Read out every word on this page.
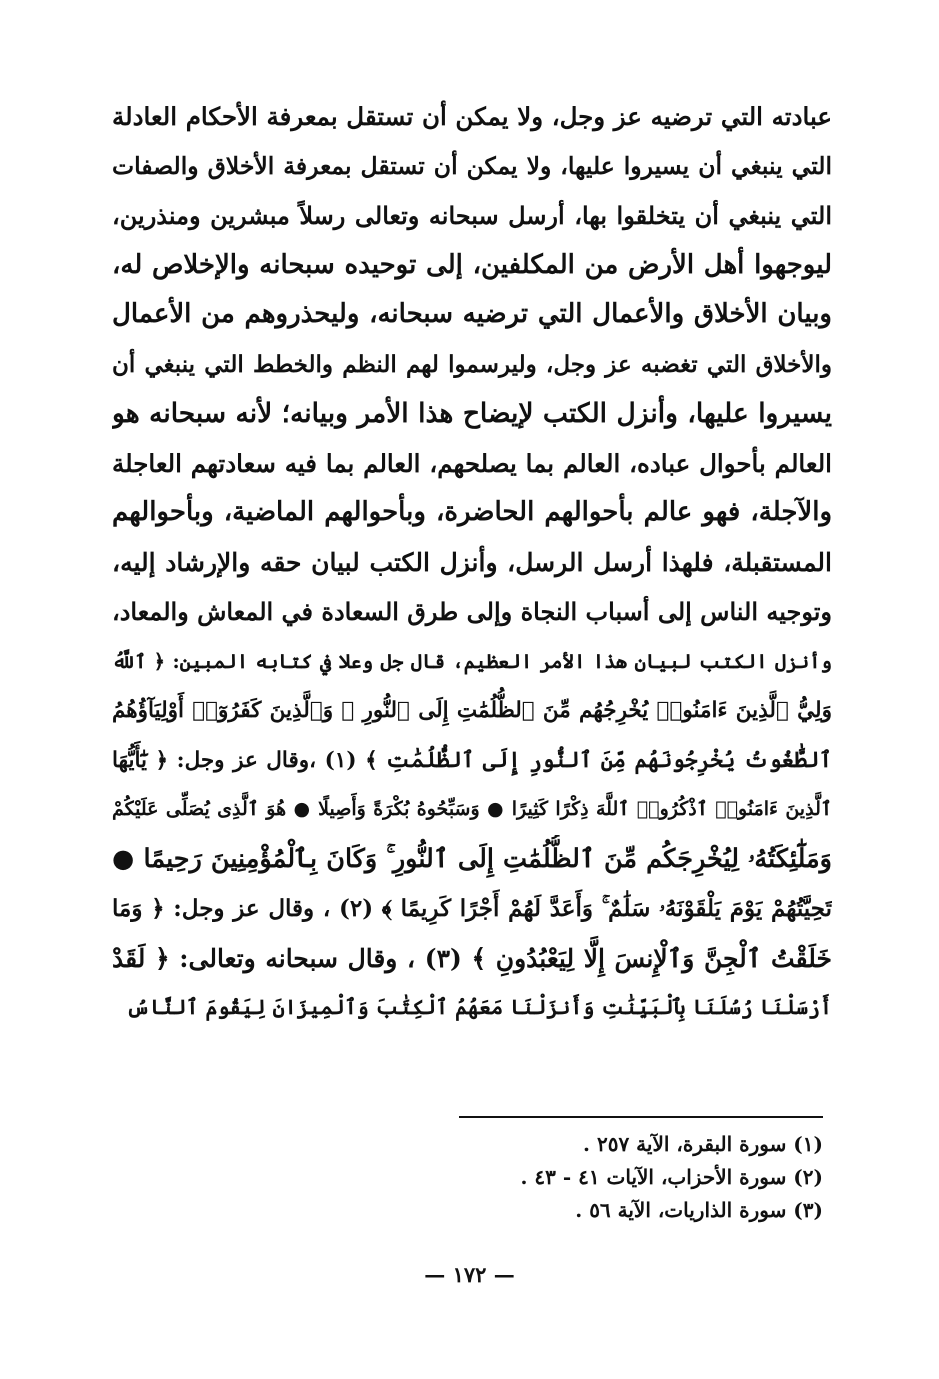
عبادته التي ترضيه عز وجل، ولا يمكن أن تستقل بمعرفة الأحكام العادلة
التي ينبغي أن يسيروا عليها، ولا يمكن أن تستقل بمعرفة الأخلاق والصفات
التي ينبغي أن يتخلقوا بها، أرسل سبحانه وتعالى رسلاً مبشرين ومنذرين،
ليوجهوا أهل الأرض من المكلفين، إلى توحيده سبحانه والإخلاص له،
وبيان الأخلاق والأعمال التي ترضيه سبحانه، وليحذروهم من الأعمال
والأخلاق التي تغضبه عز وجل، وليرسموا لهم النظم والخطط التي ينبغي أن
يسيروا عليها، وأنزل الكتب لإيضاح هذا الأمر وبيانه؛ لأنه سبحانه هو
العالم بأحوال عباده، العالم بما يصلحهم، العالم بما فيه سعادتهم العاجلة
والآجلة، فهو عالم بأحوالهم الحاضرة، وبأحوالهم الماضية، وبأحوالهم
المستقبلة، فلهذا أرسل الرسل، وأنزل الكتب لبيان حقه والإرشاد إليه،
وتوجيه الناس إلى أسباب النجاة وإلى طرق السعادة في المعاش والمعاد،
وأنزل الكتب لبيان هذا الأمر العظيم، قال جل وعلا في كتابه المبين: ﴿ ٱللَّهُ
وَلِيُّ ٱلَّذِينَ ءَامَنُوا۟ يُخْرِجُهُم مِّنَ ٱلظُّلُمَٰتِ إِلَى ٱلنُّورِ ۖ وَٱلَّذِينَ كَفَرُوٓا۟ أَوْلِيَآؤُهُمُ
ٱلطَّٰغُوتُ يُخْرِجُونَهُم مِّنَ ٱلنُّورِ إِلَى ٱلظُّلُمَٰتِ ﴾ (١) ،وقال عز وجل: ﴿ يَٰٓأَيُّهَا
ٱلَّذِينَ ءَامَنُوا۟ ٱذْكُرُوا۟ ٱللَّهَ ذِكْرًا كَثِيرًا ● وَسَبِّحُوهُ بُكْرَةً وَأَصِيلًا ● هُوَ ٱلَّذِى يُصَلِّى عَلَيْكُمْ
وَمَلَٰٓئِكَتُهُۥ لِيُخْرِجَكُم مِّنَ ٱلظُّلُمَٰتِ إِلَى ٱلنُّورِ ۚ وَكَانَ بِٱلْمُؤْمِنِينَ رَحِيمًا ●
تَحِيَّتُهُمْ يَوْمَ يَلْقَوْنَهُۥ سَلَٰمٌ ۚ وَأَعَدَّ لَهُمْ أَجْرًا كَرِيمًا ﴾ (٢) ، وقال عز وجل: ﴿ وَمَا
خَلَقْتُ ٱلْجِنَّ وَٱلْإِنسَ إِلَّا لِيَعْبُدُونِ ﴾ (٣) ، وقال سبحانه وتعالى: ﴿ لَقَدْ
أَرْسَلْنَا رُسُلَنَا بِٱلْبَيِّنَٰتِ وَأَنزَلْنَا مَعَهُمُ ٱلْكِتَٰبَ وَٱلْمِيزَانَ لِيَقُومَ ٱلنَّاسُ
(١) سورة البقرة، الآية ٢٥٧ .
(٢) سورة الأحزاب، الآيات ٤١ - ٤٣ .
(٣) سورة الذاريات، الآية ٥٦ .
— ١٧٢ —
